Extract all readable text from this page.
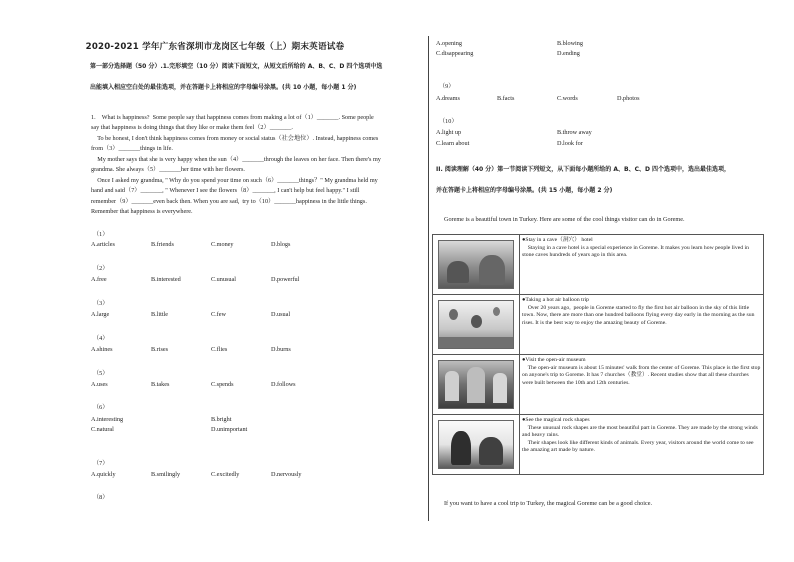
2020-2021 学年广东省深圳市龙岗区七年级（上）期末英语试卷
第一部分选择题（50 分）.1.完形填空（10 分）阅读下面短文，从短文后所给的 A、B、C、D 四个选项中选
出能填入相应空白处的最佳选项，并在答题卡上将相应的字母编号涂黑。(共 10 小题，每小题 1 分)
1.    What is happiness?  Some people say that happiness comes from making a lot of（1）_______. Some people
say that happiness is doing things that they like or make them feel（2）_______.
To be honest, I don't think happiness comes from money or social status（社会地位）. Instead, happiness comes
from（3）_______things in life.
My mother says that she is very happy when the sun（4）_______through the leaves on her face. Then there's my
grandma. She always（5）_______her time with her flowers.
Once I asked my grandma, " Why do you spend your time on such（6）_______things？" My grandma held my
hand and said（7）_______, " Whenever I see the flowers（8）_______, I can't help but feel happy." I still
remember（9）_______even back then. When you are sad,  try to（10）_______happiness in the little things.
Remember that happiness is everywhere.
（1）
A.articles	B.friends	C.money	D.blogs
（2）
A.free	B.interested	C.unusual	D.powerful
（3）
A.large	B.little	C.few	D.usual
（4）
A.shines	B.rises	C.flies	D.burns
（5）
A.uses	B.takes	C.spends	D.follows
（6）
A.interesting	B.bright
C.natural	D.unimportant
（7）
A.quickly	B.smilingly	C.excitedly	D.nervously
（8）
A.opening	B.blowing
C.disappearing	D.ending
（9）
A.dreams	B.facts	C.words	D.photos
（10）
A.light up	B.throw away
C.learn about	D.look for
II. 阅读理解（40 分）第一节阅读下列短文，从下面每小题所给的 A、B、C、D 四个选项中，选出最佳选项，
并在答题卡上将相应的字母编号涂黑。(共 15 小题，每小题 2 分)
Goreme is a beautiful town in Turkey. Here are some of the cool things visitor can do in Goreme.

	●Stay in a cave（洞穴） hotel
Staying in a cave hotel is a special experience in Goreme. It makes you learn how people lived in stone caves hundreds of years ago in this area.

	●Taking a hot air balloon trip
Over 20 years ago,  people in Goreme started to fly the first hot air balloon in the sky of this little town. Now, there are more than one hundred balloons flying every day early in the morning as the sun rises. It is the best way to enjoy the amazing beauty of Goreme.

	●Visit the open-air museum
The open-air museum is about 15 minutes' walk from the center of Goreme. This place is the first stop on anyone's trip to Goreme. It has 7 churches（教堂）. Recent studies show that all these churches were built between the 10th and 12th centuries.

	●See the magical rock shapes
These unusual rock shapes are the most beautiful part in Goreme. They are made by the strong winds and heavy rains.
Their shapes look like different kinds of animals. Every year, visitors around the world come to see the amazing art made by nature.
If you want to have a cool trip to Turkey, the magical Goreme can be a good choice.
